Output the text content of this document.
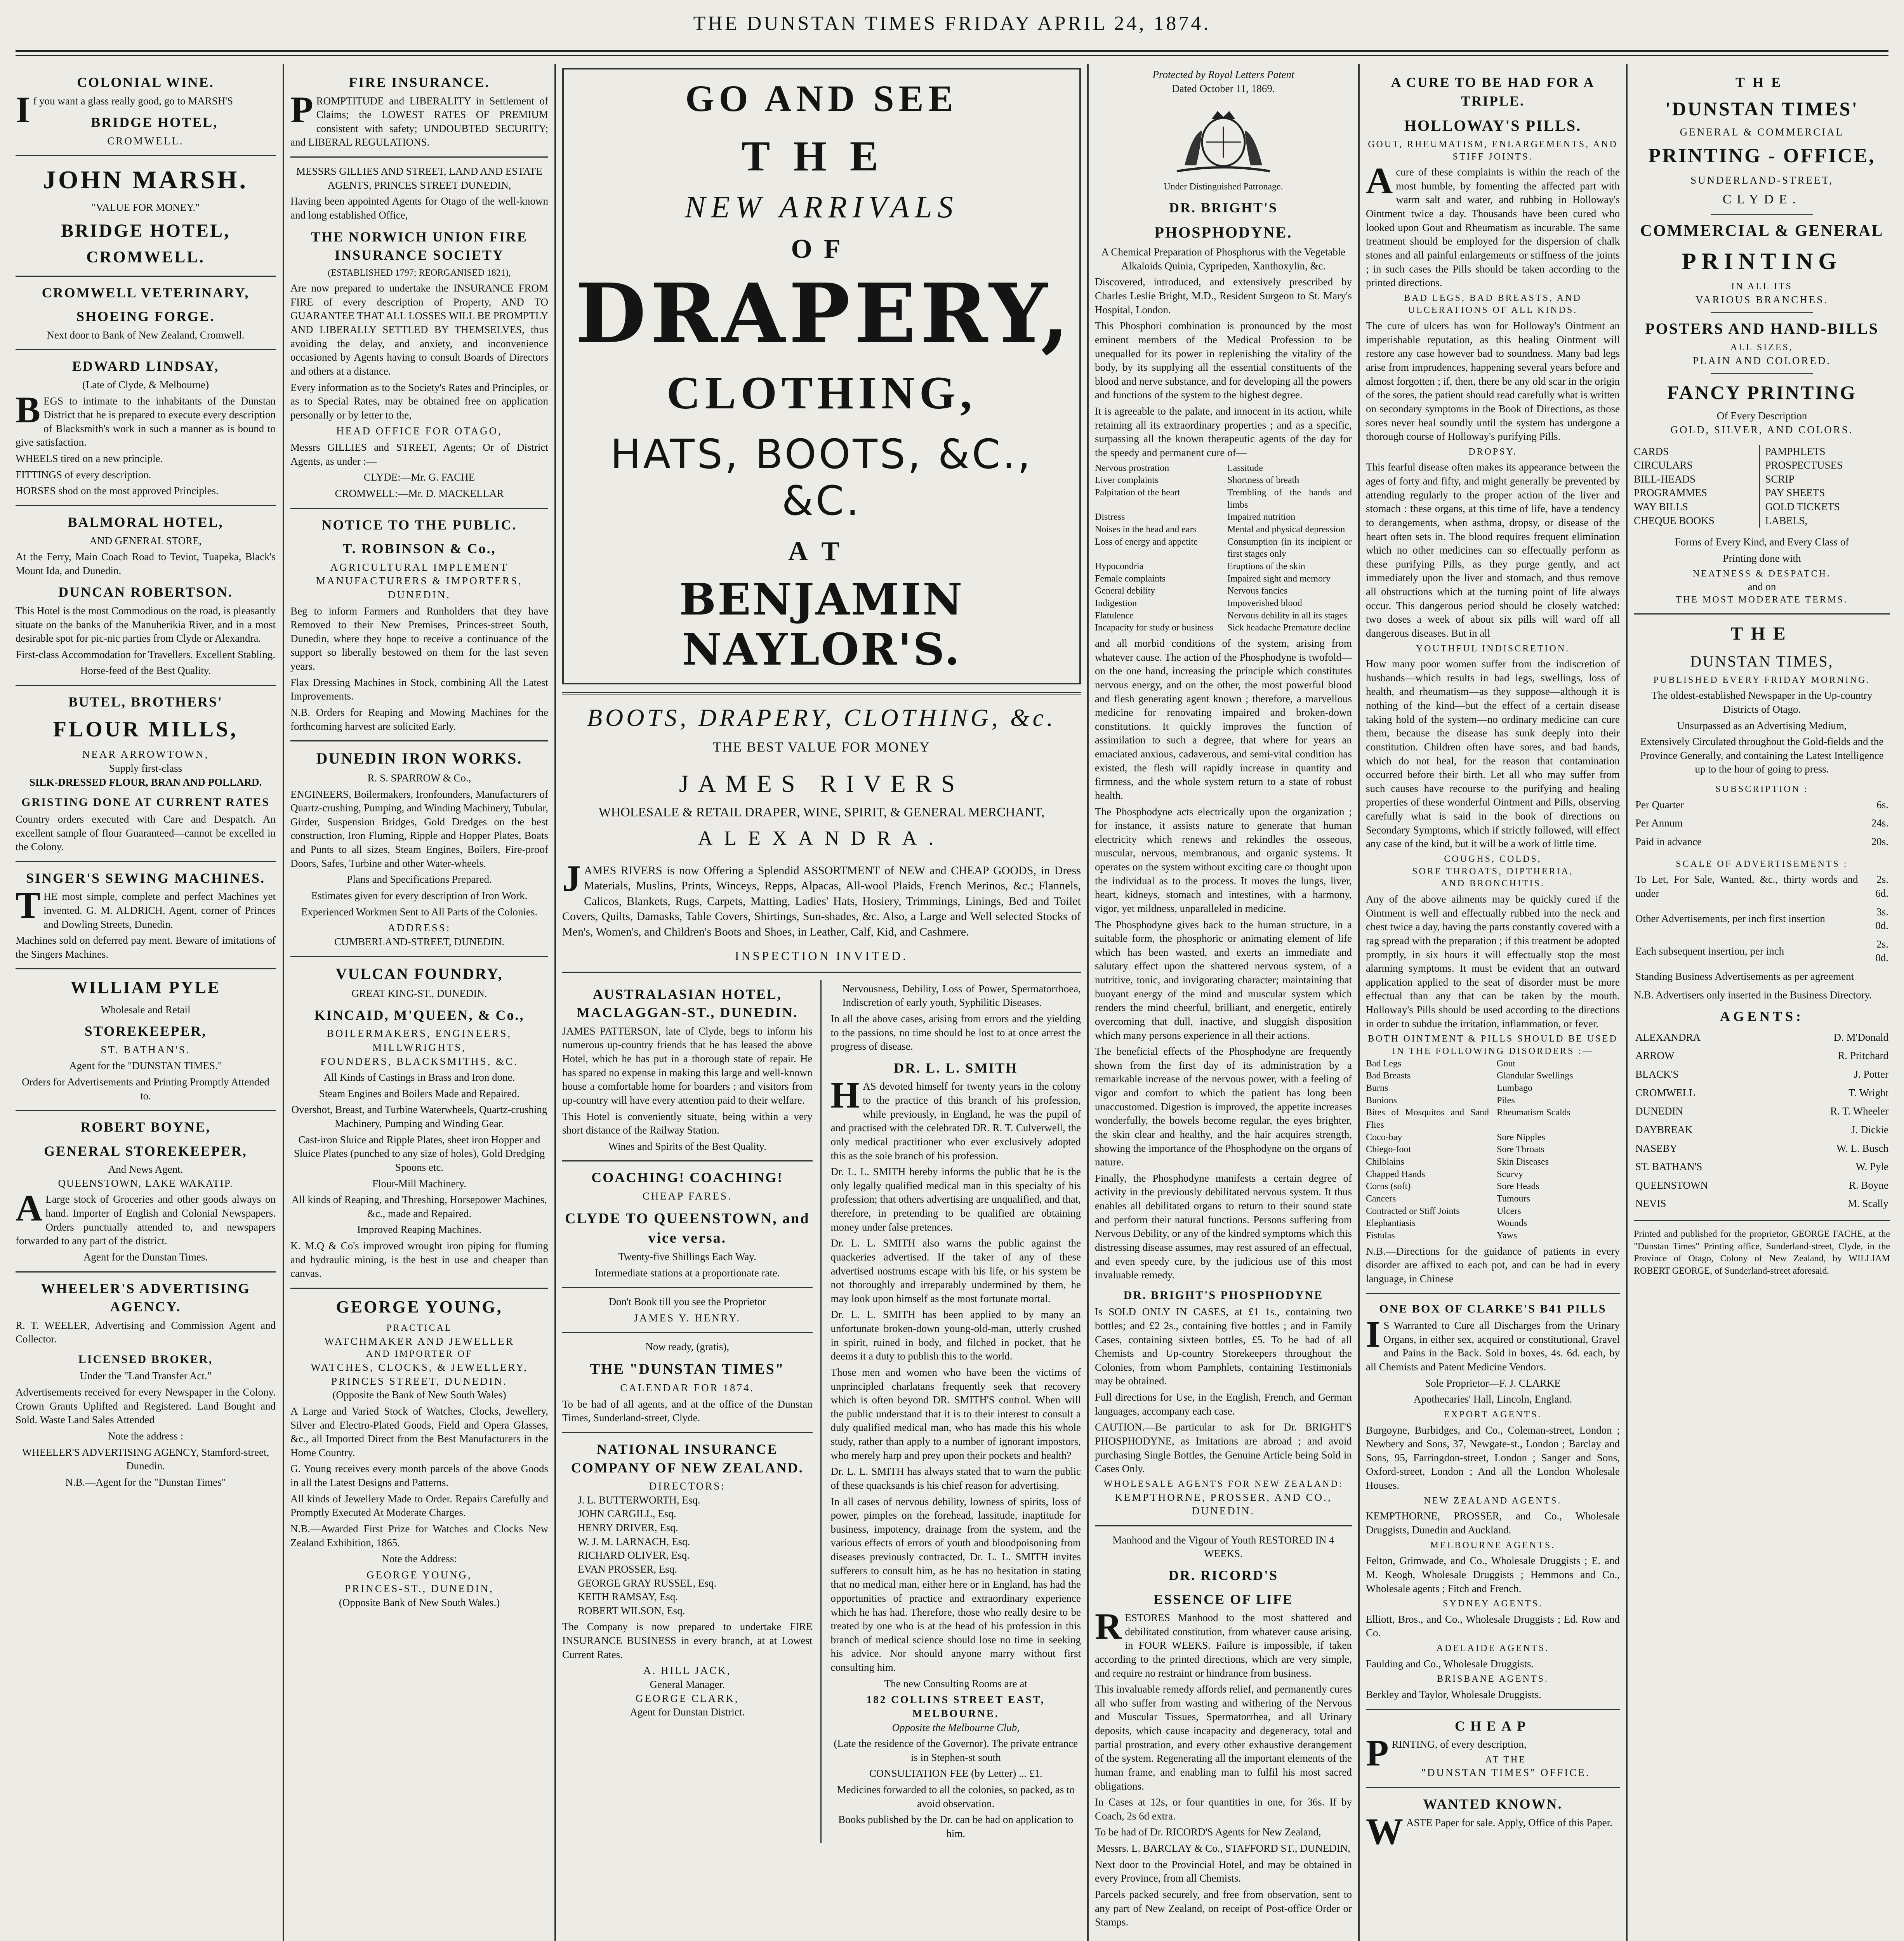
THE DUNSTAN TIMES FRIDAY APRIL 24, 1874.
COLONIAL WINE.

If you want a glass really good, go to MARSH'S

BRIDGE HOTEL,
CROMWELL.
JOHN MARSH.
"VALUE FOR MONEY."
BRIDGE HOTEL,
CROMWELL.
CROMWELL VETERINARY,
SHOEING FORGE.

Next door to Bank of New Zealand, Cromwell.

EDWARD LINDSAY,
(Late of Clyde, & Melbourne)

BEGS to intimate to the inhabitants of the Dunstan District that he is prepared to execute every description of Blacksmith's work in such a manner as is bound to give satisfaction.

WHEELS tired on a new principle.

FITTINGS of every description.

HORSES shod on the most approved Principles.

BALMORAL HOTEL,
AND GENERAL STORE,

At the Ferry, Main Coach Road to Teviot, Tuapeka, Black's Mount Ida, and Dunedin.

DUNCAN ROBERTSON.

This Hotel is the most Commodious on the road, is pleasantly situate on the banks of the Manuherikia River, and in a most desirable spot for pic-nic parties from Clyde or Alexandra.

First-class Accommodation for Travellers. Excellent Stabling.

Horse-feed of the Best Quality.

BUTEL, BROTHERS'
FLOUR MILLS,
NEAR ARROWTOWN,
Supply first-class
SILK-DRESSED FLOUR, BRAN AND POLLARD.
GRISTING DONE AT CURRENT RATES

Country orders executed with Care and Despatch. An excellent sample of flour Guaranteed—cannot be excelled in the Colony.

SINGER'S SEWING MACHINES.

THE most simple, complete and perfect Machines yet invented. G. M. ALDRICH, Agent, corner of Princes and Dowling Streets, Dunedin.

Machines sold on deferred pay ment. Beware of imitations of the Singers Machines.

WILLIAM PYLE
Wholesale and Retail
STOREKEEPER,
ST. BATHAN'S.

Agent for the "DUNSTAN TIMES."

Orders for Advertisements and Printing Promptly Attended to.

ROBERT BOYNE,
GENERAL STOREKEEPER,
And News Agent.
QUEENSTOWN, LAKE WAKATIP.

ALarge stock of Groceries and other goods always on hand. Importer of English and Colonial Newspapers. Orders punctually attended to, and newspapers forwarded to any part of the district.

Agent for the Dunstan Times.

WHEELER'S ADVERTISING AGENCY.

R. T. WEELER, Advertising and Commission Agent and Collector.

LICENSED BROKER,
Under the "Land Transfer Act."

Advertisements received for every Newspaper in the Colony. Crown Grants Uplifted and Registered. Land Bought and Sold. Waste Land Sales Attended

Note the address :

WHEELER'S ADVERTISING AGENCY, Stamford-street, Dunedin.

N.B.—Agent for the "Dunstan Times"

FIRE INSURANCE.

PROMPTITUDE and LIBERALITY in Settlement of Claims; the LOWEST RATES OF PREMIUM consistent with safety; UNDOUBTED SECURITY; and LIBERAL REGULATIONS.

MESSRS GILLIES AND STREET, LAND AND ESTATE AGENTS, PRINCES STREET DUNEDIN,

Having been appointed Agents for Otago of the well-known and long established Office,

THE NORWICH UNION FIRE INSURANCE SOCIETY
(ESTABLISHED 1797; REORGANISED 1821),

Are now prepared to undertake the INSURANCE FROM FIRE of every description of Property, AND TO GUARANTEE THAT ALL LOSSES WILL BE PROMPTLY AND LIBERALLY SETTLED BY THEMSELVES, thus avoiding the delay, and anxiety, and inconvenience occasioned by Agents having to consult Boards of Directors and others at a distance.

Every information as to the Society's Rates and Principles, or as to Special Rates, may be obtained free on application personally or by letter to the,

HEAD OFFICE FOR OTAGO,

Messrs GILLIES and STREET, Agents; Or of District Agents, as under :—

CLYDE:—Mr. G. FACHE

CROMWELL:—Mr. D. MACKELLAR

NOTICE TO THE PUBLIC.
T. ROBINSON & Co.,
AGRICULTURAL IMPLEMENT
MANUFACTURERS & IMPORTERS,
DUNEDIN.

Beg to inform Farmers and Runholders that they have Removed to their New Premises, Princes-street South, Dunedin, where they hope to receive a continuance of the support so liberally bestowed on them for the last seven years.

Flax Dressing Machines in Stock, combining All the Latest Improvements.

N.B. Orders for Reaping and Mowing Machines for the forthcoming harvest are solicited Early.

DUNEDIN IRON WORKS.
R. S. SPARROW & Co.,

ENGINEERS, Boilermakers, Ironfounders, Manufacturers of Quartz-crushing, Pumping, and Winding Machinery, Tubular, Girder, Suspension Bridges, Gold Dredges on the best construction, Iron Fluming, Ripple and Hopper Plates, Boats and Punts to all sizes, Steam Engines, Boilers, Fire-proof Doors, Safes, Turbine and other Water-wheels.

Plans and Specifications Prepared.

Estimates given for every description of Iron Work.

Experienced Workmen Sent to All Parts of the Colonies.

ADDRESS:
CUMBERLAND-STREET, DUNEDIN.
VULCAN FOUNDRY,
GREAT KING-ST., DUNEDIN.
KINCAID, M'QUEEN, & Co.,
BOILERMAKERS, ENGINEERS, MILLWRIGHTS,
FOUNDERS, BLACKSMITHS, &C.

All Kinds of Castings in Brass and Iron done.

Steam Engines and Boilers Made and Repaired.

Overshot, Breast, and Turbine Waterwheels, Quartz-crushing Machinery, Pumping and Winding Gear.

Cast-iron Sluice and Ripple Plates, sheet iron Hopper and Sluice Plates (punched to any size of holes), Gold Dredging Spoons etc.

Flour-Mill Machinery.

All kinds of Reaping, and Threshing, Horsepower Machines, &c., made and Repaired.

Improved Reaping Machines.

K. M.Q & Co's improved wrought iron piping for fluming and hydraulic mining, is the best in use and cheaper than canvas.

GEORGE YOUNG,
PRACTICAL
WATCHMAKER AND JEWELLER
AND IMPORTER OF
WATCHES, CLOCKS, & JEWELLERY,
PRINCES STREET, DUNEDIN.
(Opposite the Bank of New South Wales)

A Large and Varied Stock of Watches, Clocks, Jewellery, Silver and Electro-Plated Goods, Field and Opera Glasses, &c., all Imported Direct from the Best Manufacturers in the Home Country.

G. Young receives every month parcels of the above Goods in all the Latest Designs and Patterns.

All kinds of Jewellery Made to Order. Repairs Carefully and Promptly Executed At Moderate Charges.

N.B.—Awarded First Prize for Watches and Clocks New Zealand Exhibition, 1865.

Note the Address:

GEORGE YOUNG,
PRINCES-ST., DUNEDIN,
(Opposite Bank of New South Wales.)
GO AND SEE
THE
NEW ARRIVALS
OF
DRAPERY,
CLOTHING,
HATS, BOOTS, &C., &C.
AT
BENJAMIN NAYLOR'S.
BOOTS, DRAPERY, CLOTHING, &c.
THE BEST VALUE FOR MONEY
JAMES RIVERS
WHOLESALE & RETAIL DRAPER, WINE, SPIRIT, & GENERAL MERCHANT,
ALEXANDRA.

JAMES RIVERS is now Offering a Splendid ASSORTMENT of NEW and CHEAP GOODS, in Dress Materials, Muslins, Prints, Winceys, Repps, Alpacas, All-wool Plaids, French Merinos, &c.; Flannels, Calicos, Blankets, Rugs, Carpets, Matting, Ladies' Hats, Hosiery, Trimmings, Linings, Bed and Toilet Covers, Quilts, Damasks, Table Covers, Shirtings, Sun-shades, &c. Also, a Large and Well selected Stocks of Men's, Women's, and Children's Boots and Shoes, in Leather, Calf, Kid, and Cashmere.

INSPECTION INVITED.
AUSTRALASIAN HOTEL, MACLAGGAN-ST., DUNEDIN.

JAMES PATTERSON, late of Clyde, begs to inform his numerous up-country friends that he has leased the above Hotel, which he has put in a thorough state of repair. He has spared no expense in making this large and well-known house a comfortable home for boarders ; and visitors from up-country will have every attention paid to their welfare.

This Hotel is conveniently situate, being within a very short distance of the Railway Station.

Wines and Spirits of the Best Quality.

COACHING! COACHING!
CHEAP FARES.
CLYDE TO QUEENSTOWN, and vice versa.

Twenty-five Shillings Each Way.

Intermediate stations at a proportionate rate.

Don't Book till you see the Proprietor

JAMES Y. HENRY.

Now ready, (gratis),

THE "DUNSTAN TIMES"
CALENDAR FOR 1874.

To be had of all agents, and at the office of the Dunstan Times, Sunderland-street, Clyde.

NATIONAL INSURANCE COMPANY OF NEW ZEALAND.
DIRECTORS:
J. L. BUTTERWORTH, Esq.
JOHN CARGILL, Esq.
HENRY DRIVER, Esq.
W. J. M. LARNACH, Esq.
RICHARD OLIVER, Esq.
EVAN PROSSER, Esq.
GEORGE GRAY RUSSEL, Esq.
KEITH RAMSAY, Esq.
ROBERT WILSON, Esq.

The Company is now prepared to undertake FIRE INSURANCE BUSINESS in every branch, at at Lowest Current Rates.

A. HILL JACK,
General Manager.
GEORGE CLARK,
Agent for Dunstan District.

Nervousness, Debility, Loss of Power, Spermatorrhoea, Indiscretion of early youth, Syphilitic Diseases.

In all the above cases, arising from errors and the yielding to the passions, no time should be lost to at once arrest the progress of disease.

DR. L. L. SMITH

HAS devoted himself for twenty years in the colony to the practice of this branch of his profession, while previously, in England, he was the pupil of and practised with the celebrated DR. R. T. Culverwell, the only medical practitioner who ever exclusively adopted this as the sole branch of his profession.

Dr. L. L. SMITH hereby informs the public that he is the only legally qualified medical man in this specialty of his profession; that others advertising are unqualified, and that, therefore, in pretending to be qualified are obtaining money under false pretences.

Dr. L. L. SMITH also warns the public against the quackeries advertised. If the taker of any of these advertised nostrums escape with his life, or his system be not thoroughly and irreparably undermined by them, he may look upon himself as the most fortunate mortal.

Dr. L. L. SMITH has been applied to by many an unfortunate broken-down young-old-man, utterly crushed in spirit, ruined in body, and filched in pocket, that he deems it a duty to publish this to the world.

Those men and women who have been the victims of unprincipled charlatans frequently seek that recovery which is often beyond DR. SMITH'S control. When will the public understand that it is to their interest to consult a duly qualified medical man, who has made this his whole study, rather than apply to a number of ignorant impostors, who merely harp and prey upon their pockets and health?

Dr. L. L. SMITH has always stated that to warn the public of these quacksands is his chief reason for advertising.

In all cases of nervous debility, lowness of spirits, loss of power, pimples on the forehead, lassitude, inaptitude for business, impotency, drainage from the system, and the various effects of errors of youth and bloodpoisoning from diseases previously contracted, Dr. L. L. SMITH invites sufferers to consult him, as he has no hesitation in stating that no medical man, either here or in England, has had the opportunities of practice and extraordinary experience which he has had. Therefore, those who really desire to be treated by one who is at the head of his profession in this branch of medical science should lose no time in seeking his advice. Nor should anyone marry without first consulting him.

The new Consulting Rooms are at

182 COLLINS STREET EAST, MELBOURNE.
Opposite the Melbourne Club,

(Late the residence of the Governor). The private entrance is in Stephen-st south

CONSULTATION FEE (by Letter) ... £1.

Medicines forwarded to all the colonies, so packed, as to avoid observation.

Books published by the Dr. can be had on application to him.

Protected by Royal Letters Patent
Dated October 11, 1869.
Under Distinguished Patronage.
DR. BRIGHT'S
PHOSPHODYNE.

A Chemical Preparation of Phosphorus with the Vegetable Alkaloids Quinia, Cypripeden, Xanthoxylin, &c.

Discovered, introduced, and extensively prescribed by Charles Leslie Bright, M.D., Resident Surgeon to St. Mary's Hospital, London.

This Phosphori combination is pronounced by the most eminent members of the Medical Profession to be unequalled for its power in replenishing the vitality of the body, by its supplying all the essential constituents of the blood and nerve substance, and for developing all the powers and functions of the system to the highest degree.

It is agreeable to the palate, and innocent in its action, while retaining all its extraordinary properties ; and as a specific, surpassing all the known therapeutic agents of the day for the speedy and permanent cure of—

Nervous prostration	Lassitude
Liver complaints	Shortness of breath
Palpitation of the heart	Trembling of the hands and limbs
Distress	Impaired nutrition
Noises in the head and ears	Mental and physical depression
Loss of energy and appetite	Consumption (in its incipient or first stages only
Hypocondria	Eruptions of the skin
Female complaints	Impaired sight and memory
General debility	Nervous fancies
Indigestion	Impoverished blood
Flatulence	Nervous debility in all its stages
Incapacity for study or business	Sick headache Premature decline

and all morbid conditions of the system, arising from whatever cause. The action of the Phosphodyne is twofold—on the one hand, increasing the principle which constitutes nervous energy, and on the other, the most powerful blood and flesh generating agent known ; therefore, a marvellous medicine for renovating impaired and broken-down constitutions. It quickly improves the function of assimilation to such a degree, that where for years an emaciated anxious, cadaverous, and semi-vital condition has existed, the flesh will rapidly increase in quantity and firmness, and the whole system return to a state of robust health.

The Phosphodyne acts electrically upon the organization ; for instance, it assists nature to generate that human electricity which renews and rekindles the osseous, muscular, nervous, membranous, and organic systems. It operates on the system without exciting care or thought upon the individual as to the process. It moves the lungs, liver, heart, kidneys, stomach and intestines, with a harmony, vigor, yet mildness, unparalleled in medicine.

The Phosphodyne gives back to the human structure, in a suitable form, the phosphoric or animating element of life which has been wasted, and exerts an immediate and salutary effect upon the shattered nervous system, of a nutritive, tonic, and invigorating character; maintaining that buoyant energy of the mind and muscular system which renders the mind cheerful, brilliant, and energetic, entirely overcoming that dull, inactive, and sluggish disposition which many persons experience in all their actions.

The beneficial effects of the Phosphodyne are frequently shown from the first day of its administration by a remarkable increase of the nervous power, with a feeling of vigor and comfort to which the patient has long been unaccustomed. Digestion is improved, the appetite increases wonderfully, the bowels become regular, the eyes brighter, the skin clear and healthy, and the hair acquires strength, showing the importance of the Phosphodyne on the organs of nature.

Finally, the Phosphodyne manifests a certain degree of activity in the previously debilitated nervous system. It thus enables all debilitated organs to return to their sound state and perform their natural functions. Persons suffering from Nervous Debility, or any of the kindred symptoms which this distressing disease assumes, may rest assured of an effectual, and even speedy cure, by the judicious use of this most invaluable remedy.

DR. BRIGHT'S PHOSPHODYNE

Is SOLD ONLY IN CASES, at £1 1s., containing two bottles; and £2 2s., containing five bottles ; and in Family Cases, containing sixteen bottles, £5. To be had of all Chemists and Up-country Storekeepers throughout the Colonies, from whom Pamphlets, containing Testimonials may be obtained.

Full directions for Use, in the English, French, and German languages, accompany each case.

CAUTION.—Be particular to ask for Dr. BRIGHT'S PHOSPHODYNE, as Imitations are abroad ; and avoid purchasing Single Bottles, the Genuine Article being Sold in Cases Only.

WHOLESALE AGENTS FOR NEW ZEALAND:
KEMPTHORNE, PROSSER, AND CO., DUNEDIN.

Manhood and the Vigour of Youth RESTORED IN 4 WEEKS.

DR. RICORD'S
ESSENCE OF LIFE

RESTORES Manhood to the most shattered and debilitated constitution, from whatever cause arising, in FOUR WEEKS. Failure is impossible, if taken according to the printed directions, which are very simple, and require no restraint or hindrance from business.

This invaluable remedy affords relief, and permanently cures all who suffer from wasting and withering of the Nervous and Muscular Tissues, Spermatorrhea, and all Urinary deposits, which cause incapacity and degeneracy, total and partial prostration, and every other exhaustive derangement of the system. Regenerating all the important elements of the human frame, and enabling man to fulfil his most sacred obligations.

In Cases at 12s, or four quantities in one, for 36s. If by Coach, 2s 6d extra.

To be had of Dr. RICORD'S Agents for New Zealand,

Messrs. L. BARCLAY & Co., STAFFORD ST., DUNEDIN,

Next door to the Provincial Hotel, and may be obtained in every Province, from all Chemists.

Parcels packed securely, and free from observation, sent to any part of New Zealand, on receipt of Post-office Order or Stamps.

A CURE TO BE HAD FOR A TRIPLE.
HOLLOWAY'S PILLS.
GOUT, RHEUMATISM, ENLARGEMENTS, AND STIFF JOINTS.

Acure of these complaints is within the reach of the most humble, by fomenting the affected part with warm salt and water, and rubbing in Holloway's Ointment twice a day. Thousands have been cured who looked upon Gout and Rheumatism as incurable. The same treatment should be employed for the dispersion of chalk stones and all painful enlargements or stiffness of the joints ; in such cases the Pills should be taken according to the printed directions.

BAD LEGS, BAD BREASTS, AND ULCERATIONS OF ALL KINDS.

The cure of ulcers has won for Holloway's Ointment an imperishable reputation, as this healing Ointment will restore any case however bad to soundness. Many bad legs arise from imprudences, happening several years before and almost forgotten ; if, then, there be any old scar in the origin of the sores, the patient should read carefully what is written on secondary symptoms in the Book of Directions, as those sores never heal soundly until the system has undergone a thorough course of Holloway's purifying Pills.

DROPSY.

This fearful disease often makes its appearance between the ages of forty and fifty, and might generally be prevented by attending regularly to the proper action of the liver and stomach : these organs, at this time of life, have a tendency to derangements, when asthma, dropsy, or disease of the heart often sets in. The blood requires frequent elimination which no other medicines can so effectually perform as these purifying Pills, as they purge gently, and act immediately upon the liver and stomach, and thus remove all obstructions which at the turning point of life always occur. This dangerous period should be closely watched: two doses a week of about six pills will ward off all dangerous diseases. But in all

YOUTHFUL INDISCRETION.

How many poor women suffer from the indiscretion of husbands—which results in bad legs, swellings, loss of health, and rheumatism—as they suppose—although it is nothing of the kind—but the effect of a certain disease taking hold of the system—no ordinary medicine can cure them, because the disease has sunk deeply into their constitution. Children often have sores, and bad hands, which do not heal, for the reason that contamination occurred before their birth. Let all who may suffer from such causes have recourse to the purifying and healing properties of these wonderful Ointment and Pills, observing carefully what is said in the book of directions on Secondary Symptoms, which if strictly followed, will effect any case of the kind, but it will be a work of little time.

COUGHS, COLDS,
SORE THROATS, DIPTHERIA,
AND BRONCHITIS.

Any of the above ailments may be quickly cured if the Ointment is well and effectually rubbed into the neck and chest twice a day, having the parts constantly covered with a rag spread with the preparation ; if this treatment be adopted promptly, in six hours it will effectually stop the most alarming symptoms. It must be evident that an outward application applied to the seat of disorder must be more effectual than any that can be taken by the mouth. Holloway's Pills should be used according to the directions in order to subdue the irritation, inflammation, or fever.

BOTH OINTMENT & PILLS SHOULD BE USED IN THE FOLLOWING DISORDERS :—
Bad Legs	Gout
Bad Breasts	Glandular Swellings
Burns	Lumbago
Bunions	Piles
Bites of Mosquitos and Sand Flies
Rheumatism Scalds
Coco-bay	Sore Nipples
Chiego-foot	Sore Throats
Chilblains	Skin Diseases
Chapped Hands	Scurvy
Corns (soft)	Sore Heads
Cancers	Tumours
Contracted or Stiff Joints	Ulcers
Elephantiasis	Wounds
Fistulas	Yaws

N.B.—Directions for the guidance of patients in every disorder are affixed to each pot, and can be had in every language, in Chinese

ONE BOX OF CLARKE'S B41 PILLS

IS Warranted to Cure all Discharges from the Urinary Organs, in either sex, acquired or constitutional, Gravel and Pains in the Back. Sold in boxes, 4s. 6d. each, by all Chemists and Patent Medicine Vendors.

Sole Proprietor—F. J. CLARKE

Apothecaries' Hall, Lincoln, England.

EXPORT AGENTS.

Burgoyne, Burbidges, and Co., Coleman-street, London ; Newbery and Sons, 37, Newgate-st., London ; Barclay and Sons, 95, Farringdon-street, London ; Sanger and Sons, Oxford-street, London ; And all the London Wholesale Houses.

NEW ZEALAND AGENTS.

KEMPTHORNE, PROSSER, and Co., Wholesale Druggists, Dunedin and Auckland.

MELBOURNE AGENTS.

Felton, Grimwade, and Co., Wholesale Druggists ; E. and M. Keogh, Wholesale Druggists ; Hemmons and Co., Wholesale agents ; Fitch and French.

SYDNEY AGENTS.

Elliott, Bros., and Co., Wholesale Druggists ; Ed. Row and Co.

ADELAIDE AGENTS.

Faulding and Co., Wholesale Druggists.

BRISBANE AGENTS.

Berkley and Taylor, Wholesale Druggists.

CHEAP

PRINTING, of every description,

AT THE
"DUNSTAN TIMES" OFFICE.
WANTED KNOWN.

WASTE Paper for sale. Apply, Office of this Paper.

THE
'DUNSTAN TIMES'
GENERAL & COMMERCIAL
PRINTING - OFFICE,
SUNDERLAND-STREET,
CLYDE.
COMMERCIAL & GENERAL
PRINTING
IN ALL ITS
VARIOUS BRANCHES.
POSTERS AND HAND-BILLS
ALL SIZES,
PLAIN AND COLORED.
FANCY PRINTING
Of Every Description
GOLD, SILVER, AND COLORS.
CARDS	PAMPHLETS
CIRCULARS	PROSPECTUSES
BILL-HEADS	SCRIP
PROGRAMMES	PAY SHEETS
WAY BILLS	GOLD TICKETS
CHEQUE BOOKS	LABELS,

Forms of Every Kind, and Every Class of

Printing done with

NEATNESS & DESPATCH.
and on
THE MOST MODERATE TERMS.
THE
DUNSTAN TIMES,
PUBLISHED EVERY FRIDAY MORNING.

The oldest-established Newspaper in the Up-country Districts of Otago.

Unsurpassed as an Advertising Medium,

Extensively Circulated throughout the Gold-fields and the Province Generally, and containing the Latest Intelligence up to the hour of going to press.

SUBSCRIPTION :
Per Quarter	6s.
Per Annum	24s.
Paid in advance	20s.
SCALE OF ADVERTISEMENTS :
To Let, For Sale, Wanted, &c., thirty words and under	2s. 6d.
Other Advertisements, per inch first insertion	3s. 0d.
Each subsequent insertion, per inch	2s. 0d.
Standing Business Advertisements as per agreement	

N.B. Advertisers only inserted in the Business Directory.

AGENTS:
ALEXANDRA	D. M'Donald
ARROW	R. Pritchard
BLACK'S	J. Potter
CROMWELL	T. Wright
DUNEDIN	R. T. Wheeler
DAYBREAK	J. Dickie
NASEBY	W. L. Busch
ST. BATHAN'S	W. Pyle
QUEENSTOWN	R. Boyne
NEVIS	M. Scally

Printed and published for the proprietor, GEORGE FACHE, at the "Dunstan Times" Printing office, Sunderland-street, Clyde, in the Province of Otago, Colony of New Zealand, by WILLIAM ROBERT GEORGE, of Sunderland-street aforesaid.
